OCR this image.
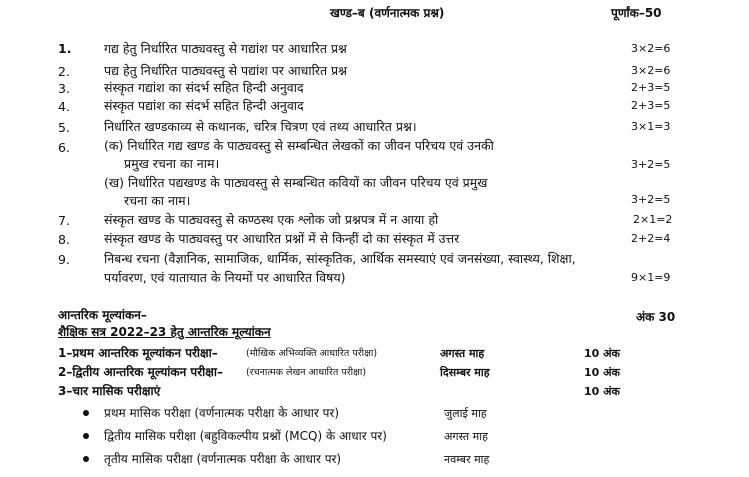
खण्ड–ब (वर्णनात्मक प्रश्न)	पूर्णांक–50
1.	गद्य हेतु निर्धारित पाठ्यवस्तु से गद्यांश पर आधारित प्रश्न	3×2=6
2.	पद्य हेतु निर्धारित पाठ्यवस्तु से पद्यांश पर आधारित प्रश्न	3×2=6
3.	संस्कृत गद्यांश का संदर्भ सहित हिन्दी अनुवाद	2+3=5
4.	संस्कृत पद्यांश का संदर्भ सहित हिन्दी अनुवाद	2+3=5
5.	निर्धारित खण्डकाव्य से कथानक, चरित्र चित्रण एवं तथ्य आधारित प्रश्न।	3×1=3
6.	(क) निर्धारित गद्य खण्ड के पाठ्यवस्तु से सम्बन्धित लेखकों का जीवन परिचय एवं उनकी
प्रमुख रचना का नाम।	3+2=5
(ख) निर्धारित पद्यखण्ड के पाठ्यवस्तु से सम्बन्धित कवियों का जीवन परिचय एवं प्रमुख
रचना का नाम।	3+2=5
7.	संस्कृत खण्ड के पाठ्यवस्तु से कण्ठस्थ एक श्लोक जो प्रश्नपत्र में न आया हो	2×1=2
8.	संस्कृत खण्ड के पाठ्यवस्तु पर आधारित प्रश्नों में से किन्हीं दो का संस्कृत में उत्तर	2+2=4
9.	निबन्ध रचना (वैज्ञानिक, सामाजिक, धार्मिक, सांस्कृतिक, आर्थिक समस्याएं एवं जनसंख्या, स्वास्थ्य, शिक्षा,
पर्यावरण, एवं यातायात के नियमों पर आधारित विषय)	9×1=9
आन्तरिक मूल्यांकन–	अंक 30
शैक्षिक सत्र 2022–23 हेतु आन्तरिक मूल्यांकन
1–प्रथम आन्तरिक मूल्यांकन परीक्षा–	(मौखिक अभिव्यक्ति आधारित परीक्षा)	अगस्त माह	10 अंक
2–द्वितीय आन्तरिक मूल्यांकन परीक्षा– (रचनात्मक लेखन आधारित परीक्षा)	दिसम्बर माह	10 अंक
3–चार मासिक परीक्षाएं	10 अंक
प्रथम मासिक परीक्षा (वर्णनात्मक परीक्षा के आधार पर)	जुलाई माह
द्वितीय मासिक परीक्षा (बहुविकल्पीय प्रश्नों (MCQ) के आधार पर)	अगस्त माह
तृतीय मासिक परीक्षा (वर्णनात्मक परीक्षा के आधार पर)	नवम्बर माह
